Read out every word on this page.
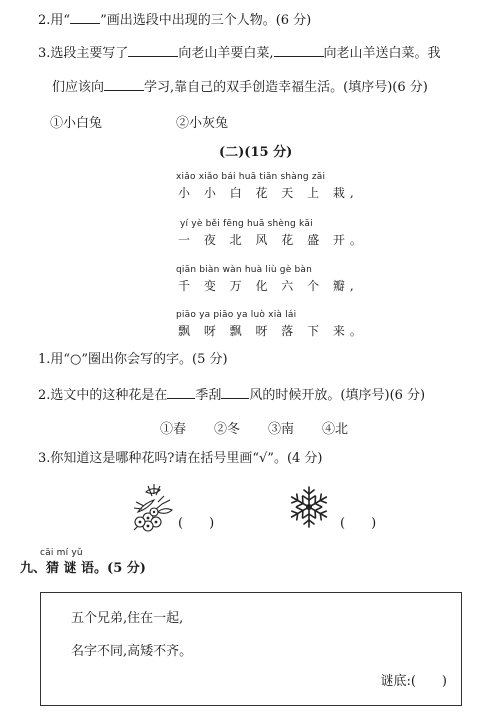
2.用“ ”画出选段中出现的三个人物。(6 分)
3.选段主要写了	向老山羊要白菜,	向老山羊送白菜。我
们应该向	学习,靠自己的双手创造幸福生活。(填序号)(6 分)
①小白兔	②小灰兔
(二)(15 分)
xiǎo xiǎo bái huā tiān shàng zāi
小 小 白 花 天 上 栽,
yí yè běi fēng huā shèng kāi
一 夜 北 风 花 盛 开。
qiān biàn wàn huà liù gè bàn
千 变 万 化 六 个 瓣,
piāo ya piāo ya luò xià lái
飘 呀 飘 呀 落 下 来。
1.用“○”圈出你会写的字。(5 分)
2.选文中的这种花是在 季刮 风的时候开放。(填序号)(6 分)
①春 ②冬 ③南 ④北
3.你知道这是哪种花吗?请在括号里画“√”。(4 分)
(　　)	(　　)
cāi mí yǔ
九、猜 谜 语。(5 分)
五个兄弟,住在一起,
名字不同,高矮不齐。
谜底:(　　)
